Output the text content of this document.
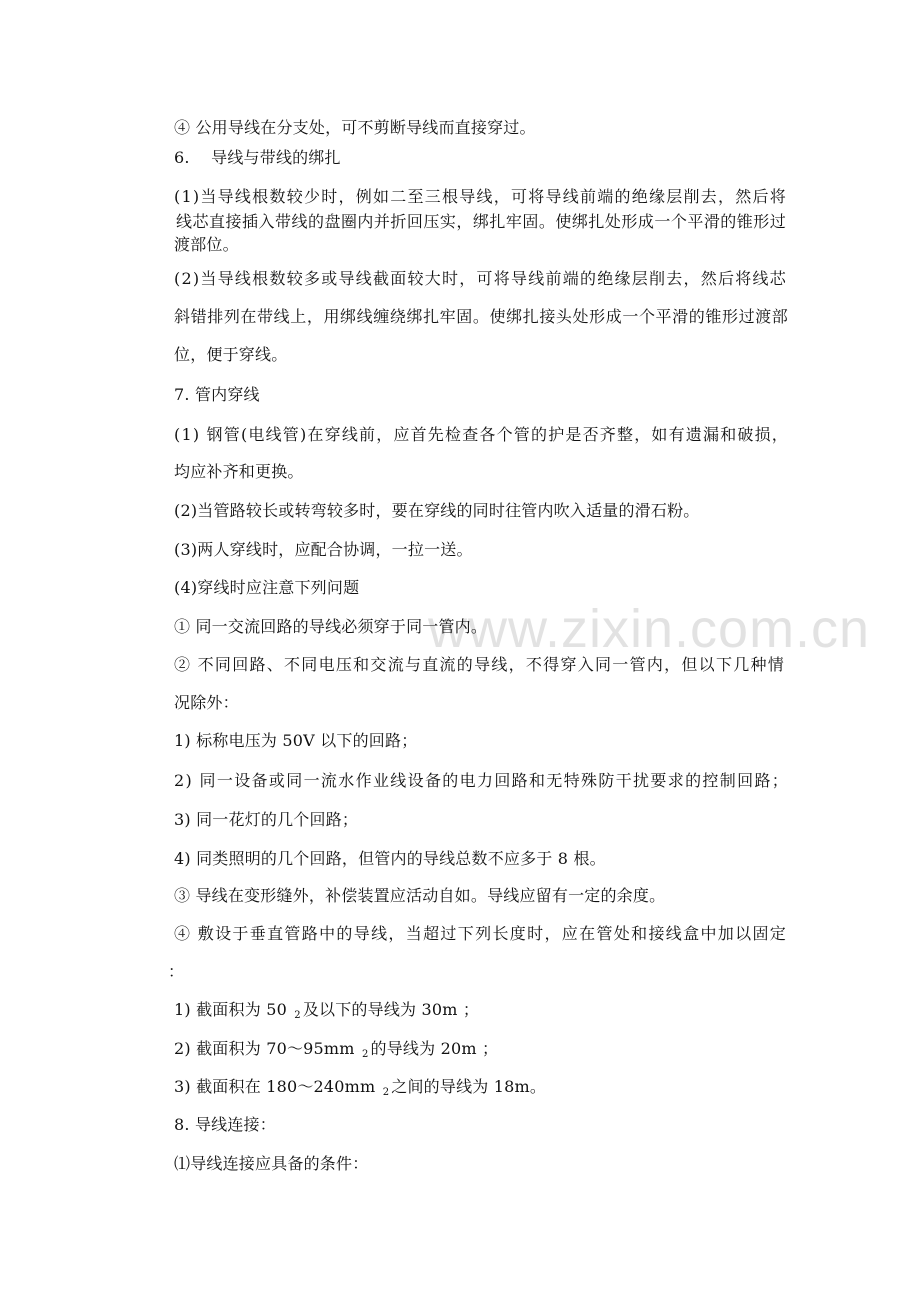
www.zixin.com.cn

④ 公用导线在分支处，可不剪断导线而直接穿过。

6.　 导线与带线的绑扎

(1)当导线根数较少时，例如二至三根导线，可将导线前端的绝缘层削去，然后将

线芯直接插入带线的盘圈内并折回压实，绑扎牢固。使绑扎处形成一个平滑的锥形过

渡部位。

(2)当导线根数较多或导线截面较大时，可将导线前端的绝缘层削去，然后将线芯

斜错排列在带线上，用绑线缠绕绑扎牢固。使绑扎接头处形成一个平滑的锥形过渡部

位，便于穿线。

7. 管内穿线

(1) 钢管(电线管)在穿线前，应首先检查各个管的护是否齐整，如有遗漏和破损，

均应补齐和更换。

(2)当管路较长或转弯较多时，要在穿线的同时往管内吹入适量的滑石粉。

(3)两人穿线时，应配合协调，一拉一送。

(4)穿线时应注意下列问题

① 同一交流回路的导线必须穿于同一管内。

② 不同回路、不同电压和交流与直流的导线，不得穿入同一管内，但以下几种情

况除外：

1) 标称电压为 50V 以下的回路；

2) 同一设备或同一流水作业线设备的电力回路和无特殊防干扰要求的控制回路；

3) 同一花灯的几个回路；

4) 同类照明的几个回路，但管内的导线总数不应多于 8 根。

③ 导线在变形缝外，补偿装置应活动自如。导线应留有一定的余度。

④ 敷设于垂直管路中的导线，当超过下列长度时，应在管处和接线盒中加以固定

：

1) 截面积为 50 2 及以下的导线为 30m ；

2) 截面积为 70～95mm 2 的导线为 20m ；

3) 截面积在 180～240mm 2 之间的导线为 18m。

8. 导线连接：

⑴导线连接应具备的条件：
